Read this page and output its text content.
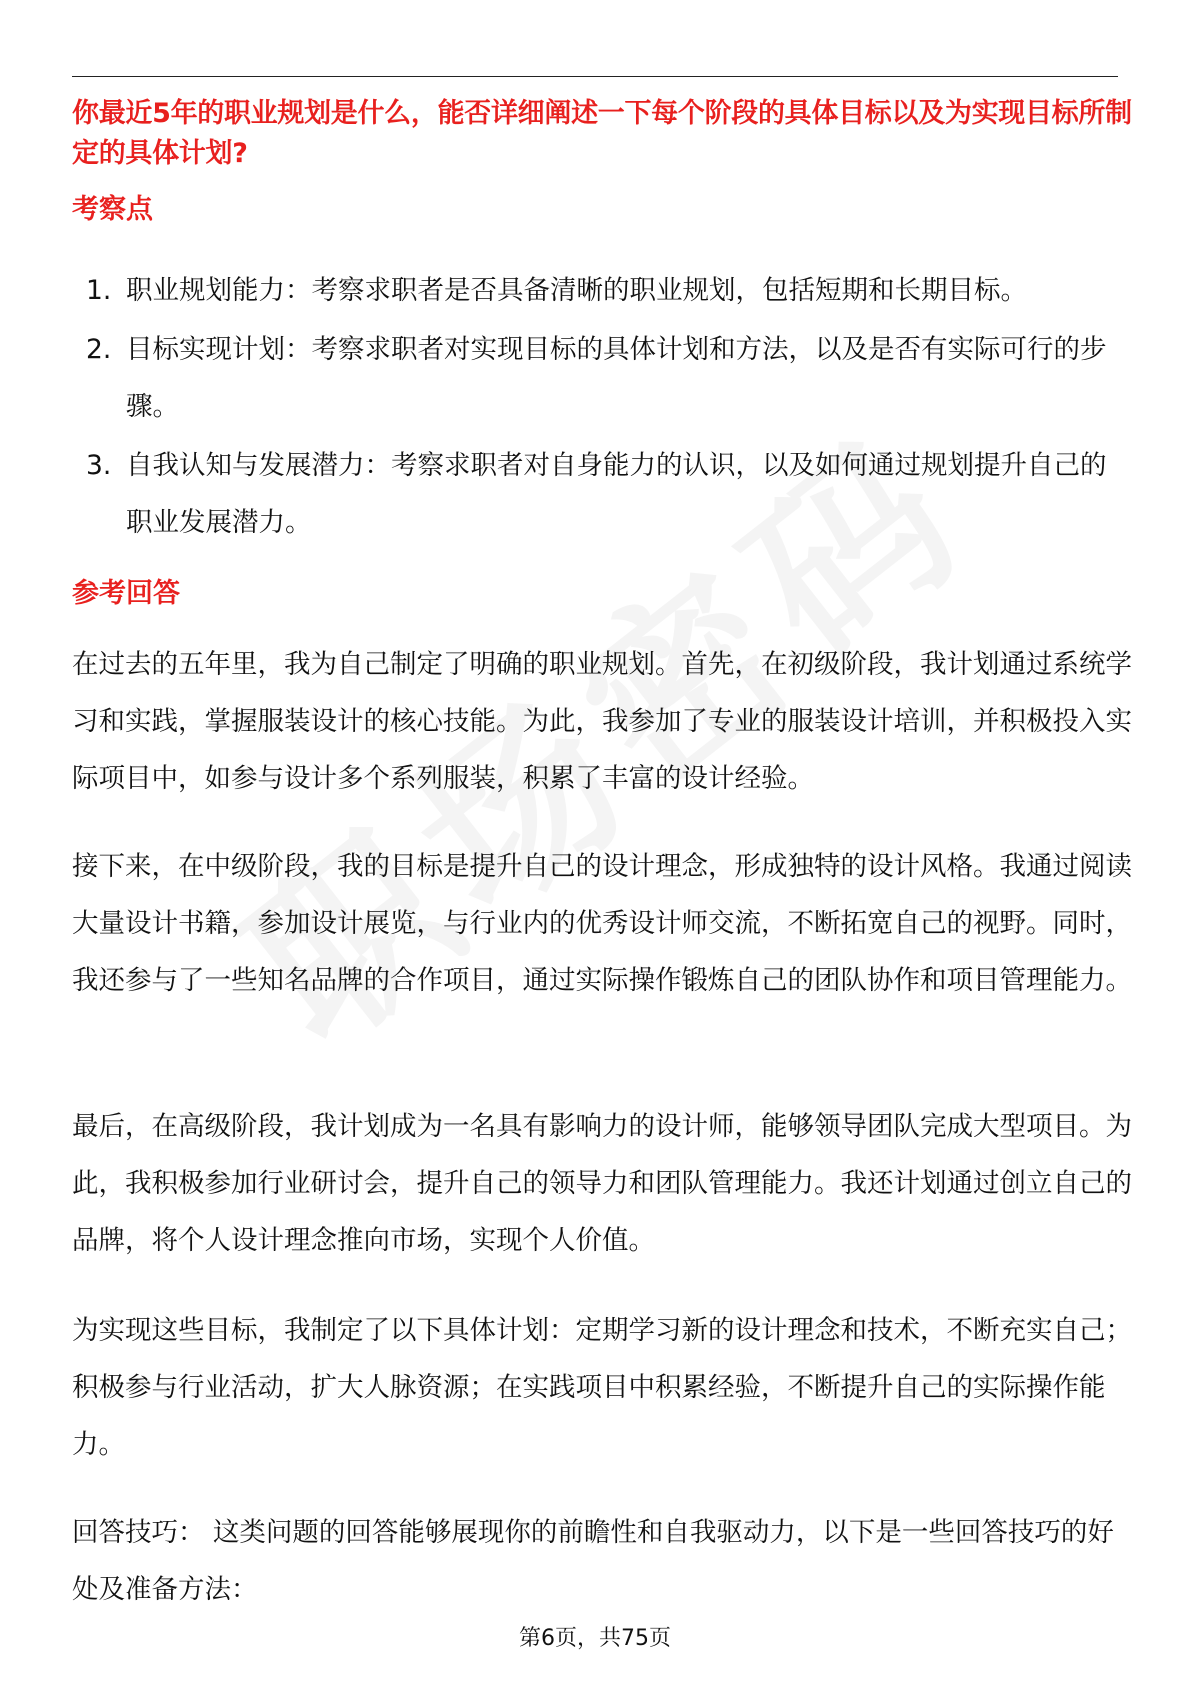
你最近5年的职业规划是什么，能否详细阐述一下每个阶段的具体目标以及为实现目标所制定的具体计划?
考察点
1. 职业规划能力：考察求职者是否具备清晰的职业规划，包括短期和长期目标。
2. 目标实现计划：考察求职者对实现目标的具体计划和方法，以及是否有实际可行的步骤。
3. 自我认知与发展潜力：考察求职者对自身能力的认识，以及如何通过规划提升自己的职业发展潜力。
参考回答

在过去的五年里，我为自己制定了明确的职业规划。首先，在初级阶段，我计划通过系统学习和实践，掌握服装设计的核心技能。为此，我参加了专业的服装设计培训，并积极投入实际项目中，如参与设计多个系列服装，积累了丰富的设计经验。

接下来，在中级阶段，我的目标是提升自己的设计理念，形成独特的设计风格。我通过阅读大量设计书籍，参加设计展览，与行业内的优秀设计师交流，不断拓宽自己的视野。同时，我还参与了一些知名品牌的合作项目，通过实际操作锻炼自己的团队协作和项目管理能力。

最后，在高级阶段，我计划成为一名具有影响力的设计师，能够领导团队完成大型项目。为此，我积极参加行业研讨会，提升自己的领导力和团队管理能力。我还计划通过创立自己的品牌，将个人设计理念推向市场，实现个人价值。

为实现这些目标，我制定了以下具体计划：定期学习新的设计理念和技术，不断充实自己；积极参与行业活动，扩大人脉资源；在实践项目中积累经验，不断提升自己的实际操作能力。

回答技巧： 这类问题的回答能够展现你的前瞻性和自我驱动力，以下是一些回答技巧的好处及准备方法：

第6页，共75页
